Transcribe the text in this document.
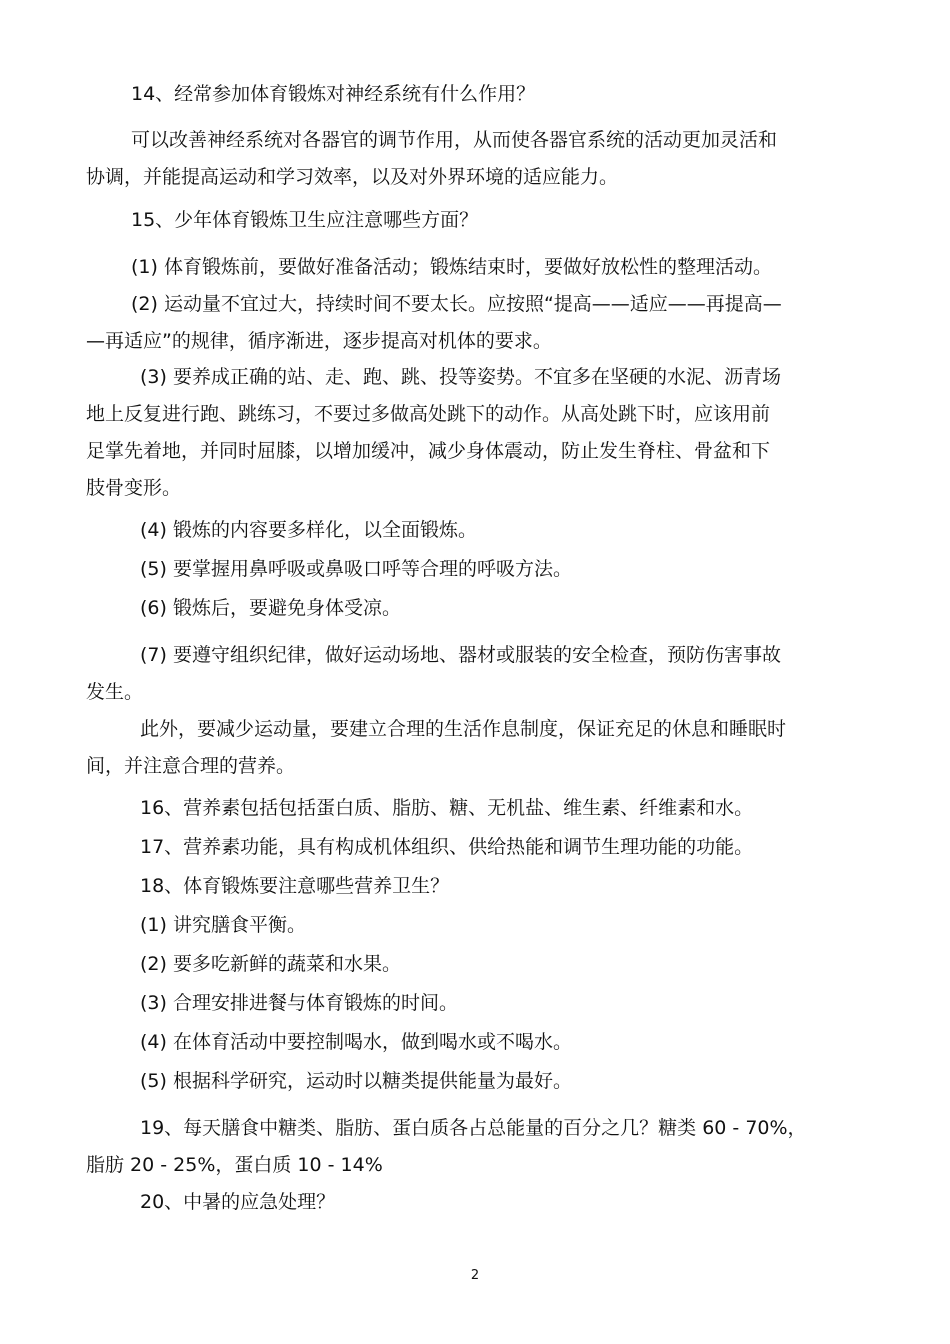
14、经常参加体育锻炼对神经系统有什么作用？
可以改善神经系统对各器官的调节作用，从而使各器官系统的活动更加灵活和
协调，并能提高运动和学习效率，以及对外界环境的适应能力。
15、少年体育锻炼卫生应注意哪些方面？
(1) 体育锻炼前，要做好准备活动；锻炼结束时，要做好放松性的整理活动。
(2) 运动量不宜过大，持续时间不要太长。应按照“提高——适应——再提高—
—再适应”的规律，循序渐进，逐步提高对机体的要求。
(3) 要养成正确的站、走、跑、跳、投等姿势。不宜多在坚硬的水泥、沥青场
地上反复进行跑、跳练习，不要过多做高处跳下的动作。从高处跳下时，应该用前
足掌先着地，并同时屈膝，以增加缓冲，减少身体震动，防止发生脊柱、骨盆和下
肢骨变形。
(4) 锻炼的内容要多样化，以全面锻炼。
(5) 要掌握用鼻呼吸或鼻吸口呼等合理的呼吸方法。
(6) 锻炼后，要避免身体受凉。
(7) 要遵守组织纪律，做好运动场地、器材或服装的安全检查，预防伤害事故
发生。
此外，要减少运动量，要建立合理的生活作息制度，保证充足的休息和睡眠时
间，并注意合理的营养。
16、营养素包括包括蛋白质、脂肪、糖、无机盐、维生素、纤维素和水。
17、营养素功能，具有构成机体组织、供给热能和调节生理功能的功能。
18、体育锻炼要注意哪些营养卫生？
(1) 讲究膳食平衡。
(2) 要多吃新鲜的蔬菜和水果。
(3) 合理安排进餐与体育锻炼的时间。
(4) 在体育活动中要控制喝水，做到喝水或不喝水。
(5) 根据科学研究，运动时以糖类提供能量为最好。
19、每天膳食中糖类、脂肪、蛋白质各占总能量的百分之几？糖类 60 - 70%，
脂肪 20 - 25%，蛋白质 10 - 14%
20、中暑的应急处理？
2
